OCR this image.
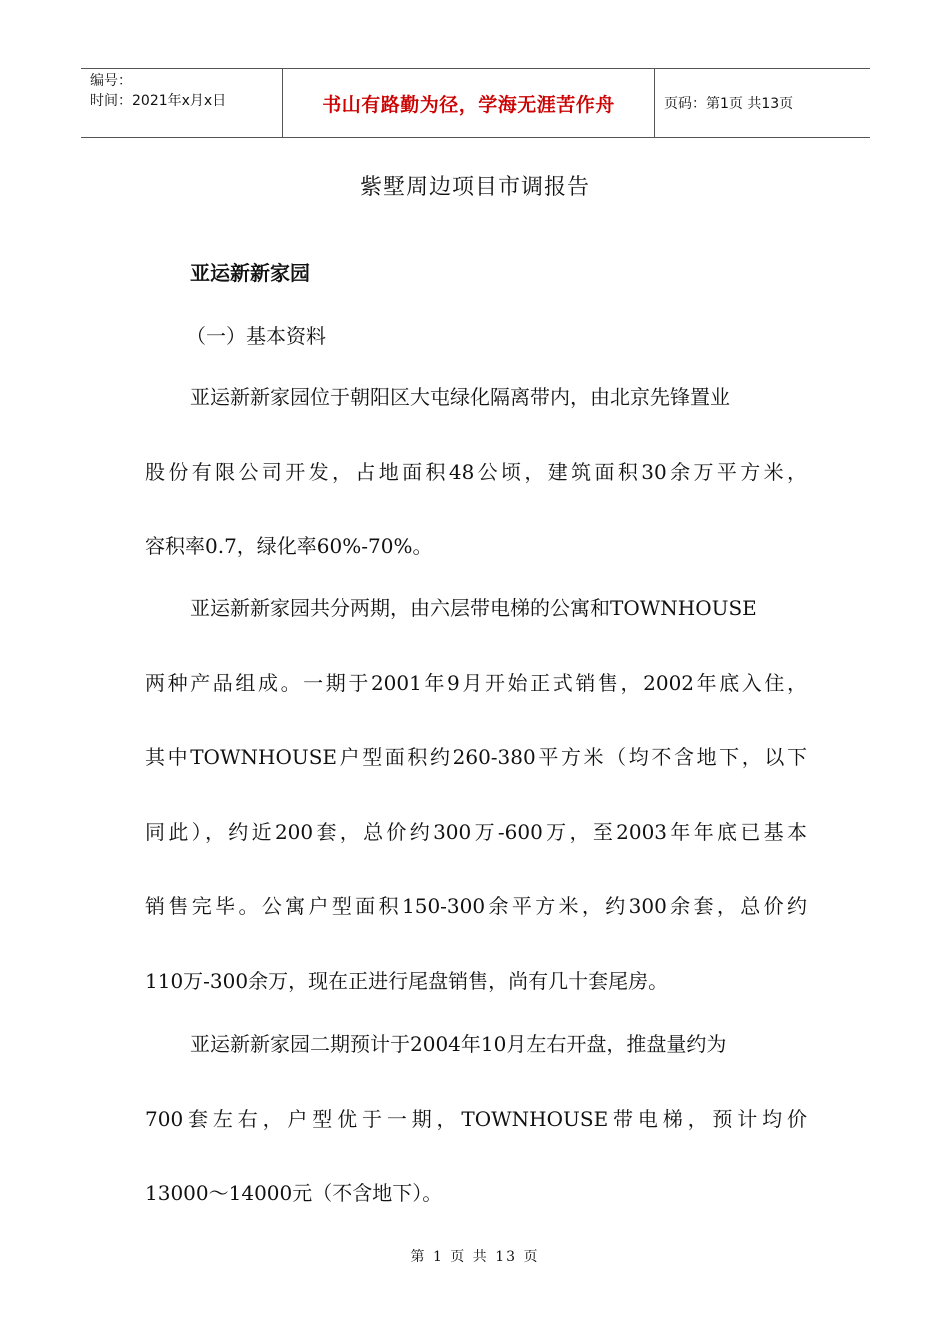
编号：
时间：2021年x月x日	书山有路勤为径，学海无涯苦作舟	页码：第1页 共13页
紫墅周边项目市调报告
亚运新新家园
（一）基本资料
亚运新新家园位于朝阳区大屯绿化隔离带内，由北京先锋置业
股份有限公司开发，占地面积48公顷，建筑面积30余万平方米，
容积率0.7，绿化率60%-70%。
亚运新新家园共分两期，由六层带电梯的公寓和TOWNHOUSE
两种产品组成。一期于2001年9月开始正式销售，2002年底入住，
其中TOWNHOUSE户型面积约260-380平方米（均不含地下，以下
同此），约近200套，总价约300万-600万，至2003年年底已基本
销售完毕。公寓户型面积150-300余平方米，约300余套，总价约
110万-300余万，现在正进行尾盘销售，尚有几十套尾房。
亚运新新家园二期预计于2004年10月左右开盘，推盘量约为
700套左右，户型优于一期，TOWNHOUSE带电梯，预计均价
13000～14000元（不含地下）。
第 1 页 共 13 页
